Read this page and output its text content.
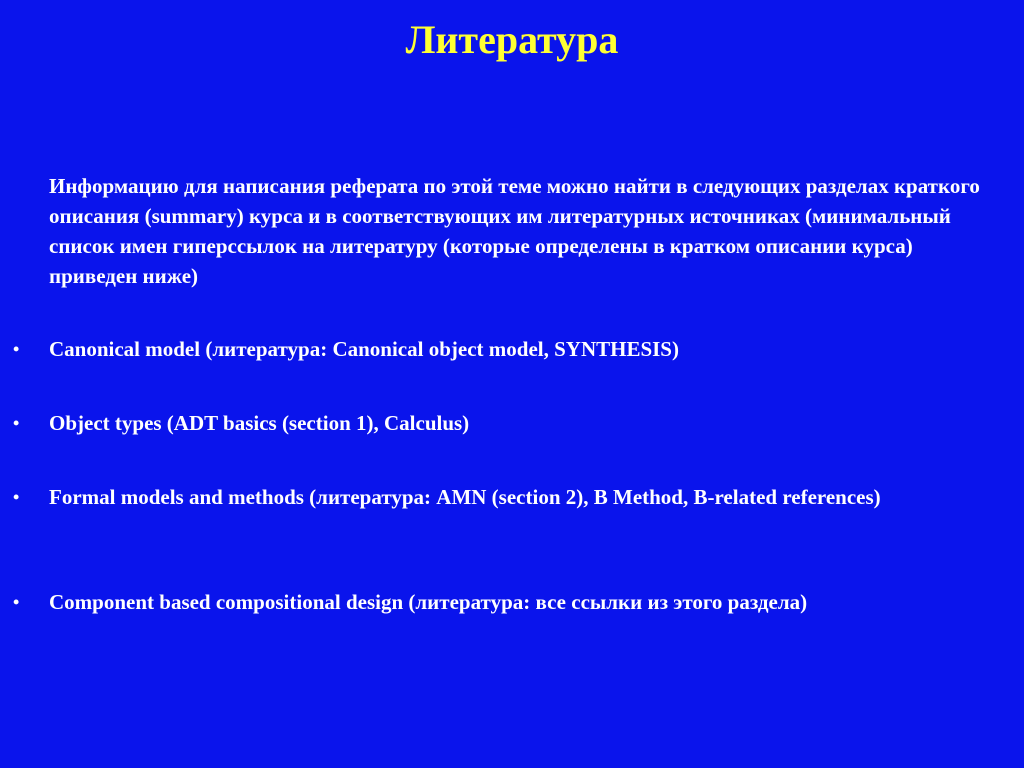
Литература
Информацию для написания реферата по этой теме можно найти в следующих разделах краткого описания (summary) курса и в соответствующих им литературных источниках (минимальный список имен гиперссылок на литературу (которые определены в кратком описании курса) приведен ниже)
• Canonical model (литература: Canonical object model, SYNTHESIS)
• Object types (ADT basics (section 1), Calculus)
• Formal models and methods (литература: AMN (section 2), B Method, B-related references)
• Component based compositional design (литература: все ссылки из этого раздела)
